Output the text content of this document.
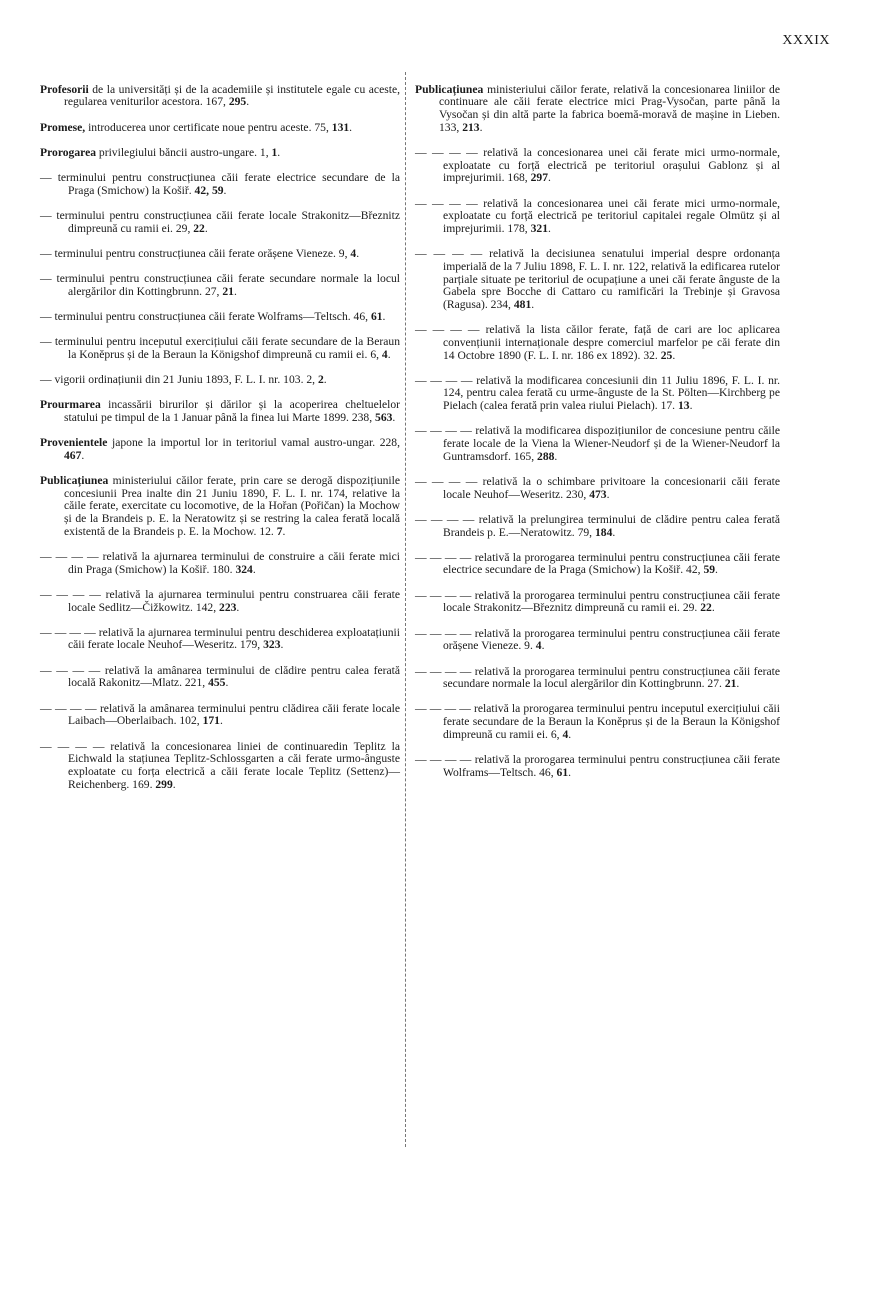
XXXIX

Profesorii de la universități și de la academiile și institutele egale cu aceste, regularea veniturilor acestora. 167, 295.

Promese, introducerea unor certificate noue pentru aceste. 75, 131.

Prorogarea privilegiului băncii austro-ungare. 1, 1.

— terminului pentru construcțiunea căii ferate electrice secundare de la Praga (Smichow) la Košiř. 42, 59.

— terminului pentru construcțiunea căii ferate locale Strakonitz—Březnitz dimpreună cu ramii ei. 29, 22.

— terminului pentru construcțiunea căii ferate orășene Vieneze. 9, 4.

— terminului pentru construcțiunea căii ferate secundare normale la locul alergărilor din Kottingbrunn. 27, 21.

— terminului pentru construcțiunea căii ferate Wolframs—Teltsch. 46, 61.

— terminului pentru inceputul exercițiului căii ferate secundare de la Beraun la Konĕprus și de la Beraun la Königshof dimpreună cu ramii ei. 6, 4.

— vigorii ordinațiunii din 21 Juniu 1893, F. L. I. nr. 103. 2, 2.

Prourmarea incassării birurilor și dărilor și la acoperirea cheltuelelor statului pe timpul de la 1 Januar până la finea lui Marte 1899. 238, 563.

Provenientele japone la importul lor in teritoriul vamal austro-ungar. 228, 467.

Publicațiunea ministeriului căilor ferate, prin care se derogă dispozițiunile concesiunii Prea inalte din 21 Juniu 1890, F. L. I. nr. 174, relative la căile ferate, exercitate cu locomotive, de la Hořan (Pořičan) la Mochow și de la Brandeis p. E. la Neratowitz și se restring la calea ferată locală existentă de la Brandeis p. E. la Mochow. 12. 7.

— — — — relativă la ajurnarea terminului de construire a căii ferate mici din Praga (Smichow) la Košiř. 180. 324.

— — — — relativă la ajurnarea terminului pentru construarea căii ferate locale Sedlitz—Čižkowitz. 142, 223.

— — — — relativă la ajurnarea terminului pentru deschiderea exploatațiunii căii ferate locale Neuhof—Weseritz. 179, 323.

— — — — relativă la amânarea terminului de clădire pentru calea ferată locală Rakonitz—Mlatz. 221, 455.

— — — — relativă la amânarea terminului pentru clădirea căii ferate locale Laibach—Oberlaibach. 102, 171.

— — — — relativă la concesionarea liniei de continuaredin Teplitz la Eichwald la stațiunea Teplitz-Schlossgarten a căi ferate urmo-ânguste exploatate cu forța electrică a căii ferate locale Teplitz (Settenz)—Reichenberg. 169. 299.

Publicațiunea ministeriului căilor ferate, relativă la concesionarea liniilor de continuare ale căii ferate electrice mici Prag-Vysočan, parte până la Vysočan și din altă parte la fabrica boemă-moravă de mașine in Lieben. 133, 213.

— — — — relativă la concesionarea unei căi ferate mici urmo-normale, exploatate cu forță electrică pe teritoriul orașului Gablonz și al imprejurimii. 168, 297.

— — — — relativă la concesionarea unei căi ferate mici urmo-normale, exploatate cu forță electrică pe teritoriul capitalei regale Olmütz și al imprejurimii. 178, 321.

— — — — relativă la decisiunea senatului imperial despre ordonanța imperială de la 7 Juliu 1898, F. L. I. nr. 122, relativă la edificarea rutelor parțiale situate pe teritoriul de ocupațiune a unei căi ferate ânguste de la Gabela spre Bocche di Cattaro cu ramificări la Trebinje și Gravosa (Ragusa). 234, 481.

— — — — relativă la lista căilor ferate, față de cari are loc aplicarea convențiunii internaționale despre comerciul marfelor pe căi ferate din 14 Octobre 1890 (F. L. I. nr. 186 ex 1892). 32. 25.

— — — — relativă la modificarea concesiunii din 11 Juliu 1896, F. L. I. nr. 124, pentru calea ferată cu urme-ânguste de la St. Pölten—Kirchberg pe Pielach (calea ferată prin valea riului Pielach). 17. 13.

— — — — relativă la modificarea dispozițiunilor de concesiune pentru căile ferate locale de la Viena la Wiener-Neudorf și de la Wiener-Neudorf la Guntramsdorf. 165, 288.

— — — — relativă la o schimbare privitoare la concesionarii căii ferate locale Neuhof—Weseritz. 230, 473.

— — — — relativă la prelungirea terminului de clădire pentru calea ferată Brandeis p. E.—Neratowitz. 79, 184.

— — — — relativă la prorogarea terminului pentru construcțiunea căii ferate electrice secundare de la Praga (Smichow) la Košiř. 42, 59.

— — — — relativă la prorogarea terminului pentru construcțiunea căii ferate locale Strakonitz—Březnitz dimpreună cu ramii ei. 29. 22.

— — — — relativă la prorogarea terminului pentru construcțiunea căii ferate orășene Vieneze. 9. 4.

— — — — relativă la prorogarea terminului pentru construcțiunea căii ferate secundare normale la locul alergărilor din Kottingbrunn. 27. 21.

— — — — relativă la prorogarea terminului pentru inceputul exercițiului căii ferate secundare de la Beraun la Konĕprus și de la Beraun la Königshof dimpreună cu ramii ei. 6, 4.

— — — — relativă la prorogarea terminului pentru construcțiunea căii ferate Wolframs—Teltsch. 46, 61.
